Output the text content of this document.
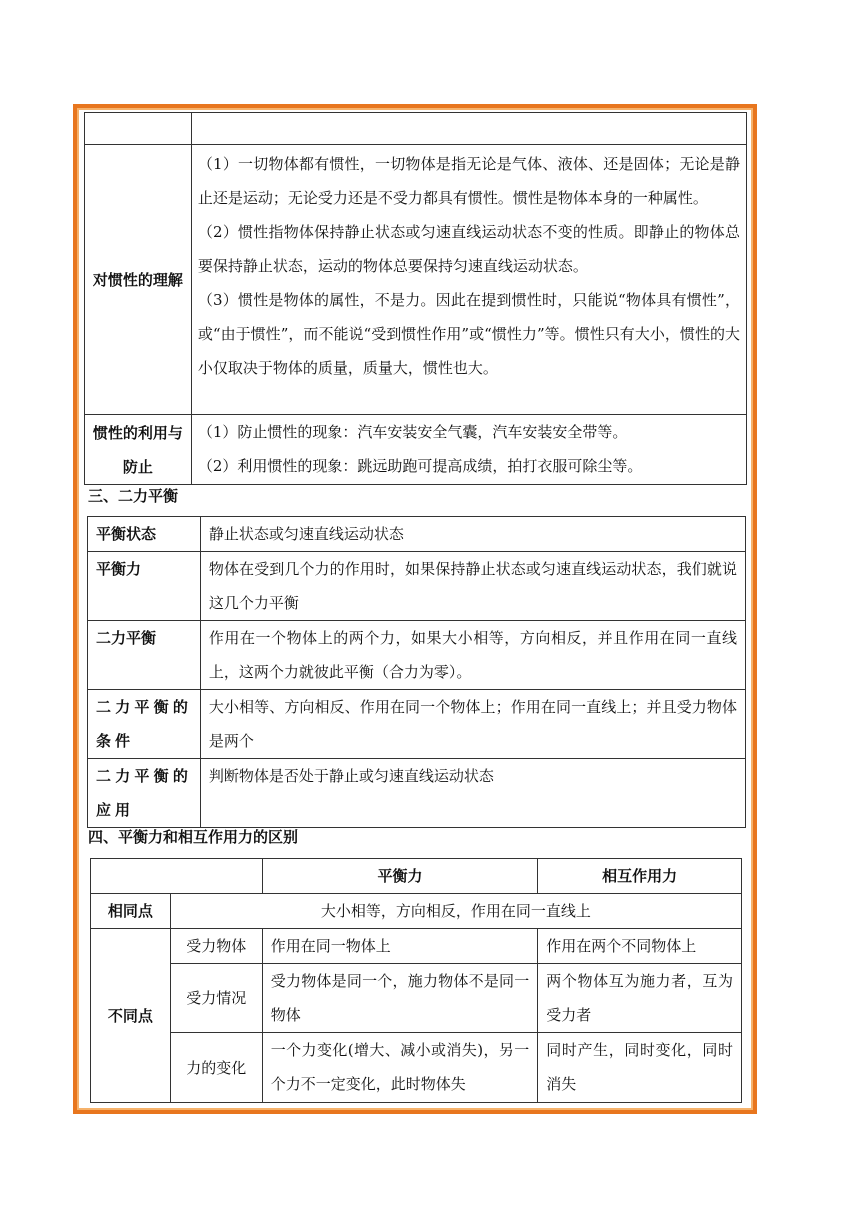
对惯性的理解	（1）一切物体都有惯性，一切物体是指无论是气体、液体、还是固体；无论是静止还是运动；无论受力还是不受力都具有惯性。惯性是物体本身的一种属性。
（2）惯性指物体保持静止状态或匀速直线运动状态不变的性质。即静止的物体总要保持静止状态，运动的物体总要保持匀速直线运动状态。
（3）惯性是物体的属性，不是力。因此在提到惯性时，只能说“物体具有惯性”，或“由于惯性”，而不能说“受到惯性作用”或“惯性力”等。惯性只有大小，惯性的大小仅取决于物体的质量，质量大，惯性也大。

惯性的利用与防止	（1）防止惯性的现象：汽车安装安全气囊，汽车安装安全带等。
（2）利用惯性的现象：跳远助跑可提高成绩，拍打衣服可除尘等。
三、二力平衡
平衡状态	静止状态或匀速直线运动状态
平衡力	物体在受到几个力的作用时，如果保持静止状态或匀速直线运动状态，我们就说这几个力平衡
二力平衡	作用在一个物体上的两个力，如果大小相等，方向相反，并且作用在同一直线上，这两个力就彼此平衡（合力为零）。
二力平衡的条件	大小相等、方向相反、作用在同一个物体上；作用在同一直线上；并且受力物体是两个
二力平衡的应用	判断物体是否处于静止或匀速直线运动状态
四、平衡力和相互作用力的区别
		平衡力	相互作用力
相同点	大小相等，方向相反，作用在同一直线上		
不同点	受力物体	作用在同一物体上	作用在两个不同物体上
	受力情况	受力物体是同一个，施力物体不是同一物体	两个物体互为施力者，互为受力者
	力的变化	一个力变化(增大、减小或消失)，另一个力不一定变化，此时物体失	同时产生，同时变化，同时消失
